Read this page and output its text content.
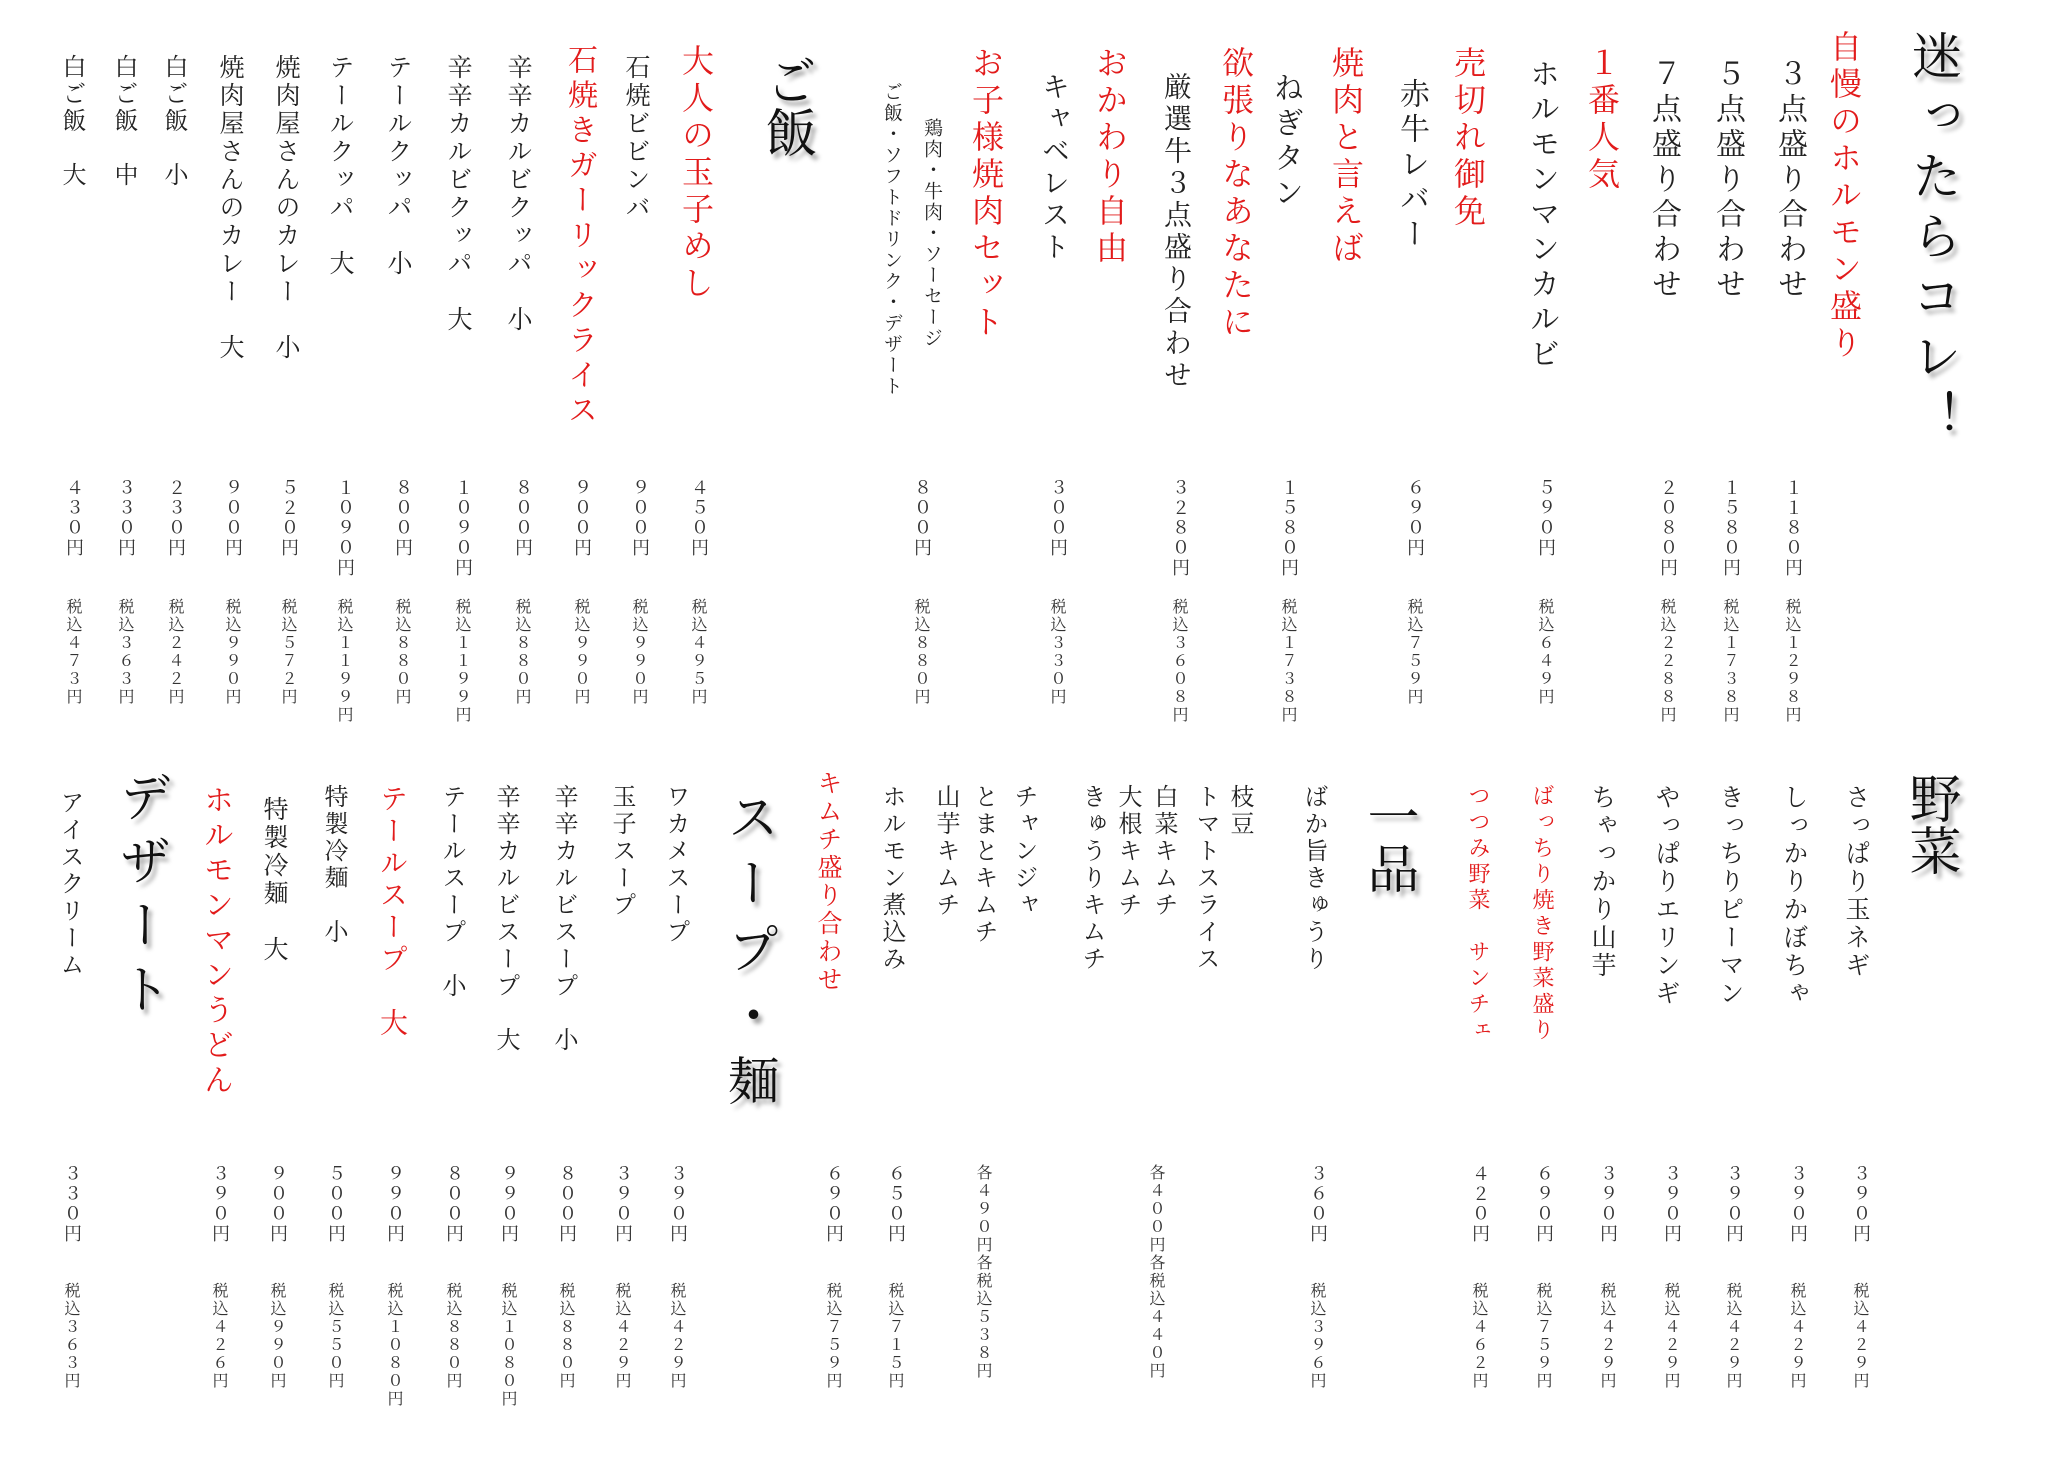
迷ったらコレ！
自慢のホルモン盛り
３点盛り合わせ
１１８０円
税込１２９８円
５点盛り合わせ
１５８０円
税込１７３８円
７点盛り合わせ
２０８０円
税込２２８８円
１番人気
ホルモンマンカルビ
５９０円
税込６４９円
売切れ御免
赤牛レバー
６９０円
税込７５９円
焼肉と言えば
ねぎタン
１５８０円
税込１７３８円
欲張りなあなたに
厳選牛３点盛り合わせ
３２８０円
税込３６０８円
おかわり自由
キャベレスト
３００円
税込３３０円
お子様焼肉セット
鶏肉・牛肉・ソーセージ
ご飯・ソフトドリンク・デザート
８００円
税込８８０円
ご飯
大人の玉子めし
４５０円
税込４９５円
石焼ビビンバ
９００円
税込９９０円
石焼きガーリックライス
９００円
税込９９０円
辛辛カルビクッパ　小
８００円
税込８８０円
辛辛カルビクッパ　大
１０９０円
税込１１９９円
テールクッパ　小
８００円
税込８８０円
テールクッパ　大
１０９０円
税込１１９９円
焼肉屋さんのカレー　小
５２０円
税込５７２円
焼肉屋さんのカレー　大
９００円
税込９９０円
白ご飯　小
２３０円
税込２４２円
白ご飯　中
３３０円
税込３６３円
白ご飯　大
４３０円
税込４７３円
野菜
さっぱり玉ネギ
３９０円
税込４２９円
しっかりかぼちゃ
３９０円
税込４２９円
きっちりピーマン
３９０円
税込４２９円
やっぱりエリンギ
３９０円
税込４２９円
ちゃっかり山芋
３９０円
税込４２９円
ばっちり焼き野菜盛り
６９０円
税込７５９円
つつみ野菜　サンチェ
４２０円
税込４６２円
一品
ばか旨きゅうり
３６０円
税込３９６円
枝豆
トマトスライス
白菜キムチ
大根キムチ
きゅうりキムチ
各４００円各税込４４０円
チャンジャ
とまとキムチ
山芋キムチ
各４９０円各税込５３８円
ホルモン煮込み
６５０円
税込７１５円
キムチ盛り合わせ
６９０円
税込７５９円
スープ・麺
ワカメスープ
３９０円
税込４２９円
玉子スープ
３９０円
税込４２９円
辛辛カルビスープ　小
８００円
税込８８０円
辛辛カルビスープ　大
９９０円
税込１０８０円
テールスープ　小
８００円
税込８８０円
テールスープ　大
９９０円
税込１０８０円
特製冷麺　小
５００円
税込５５０円
特製冷麺　大
９００円
税込９９０円
ホルモンマンうどん
３９０円
税込４２６円
デザート
アイスクリーム
３３０円
税込３６３円
